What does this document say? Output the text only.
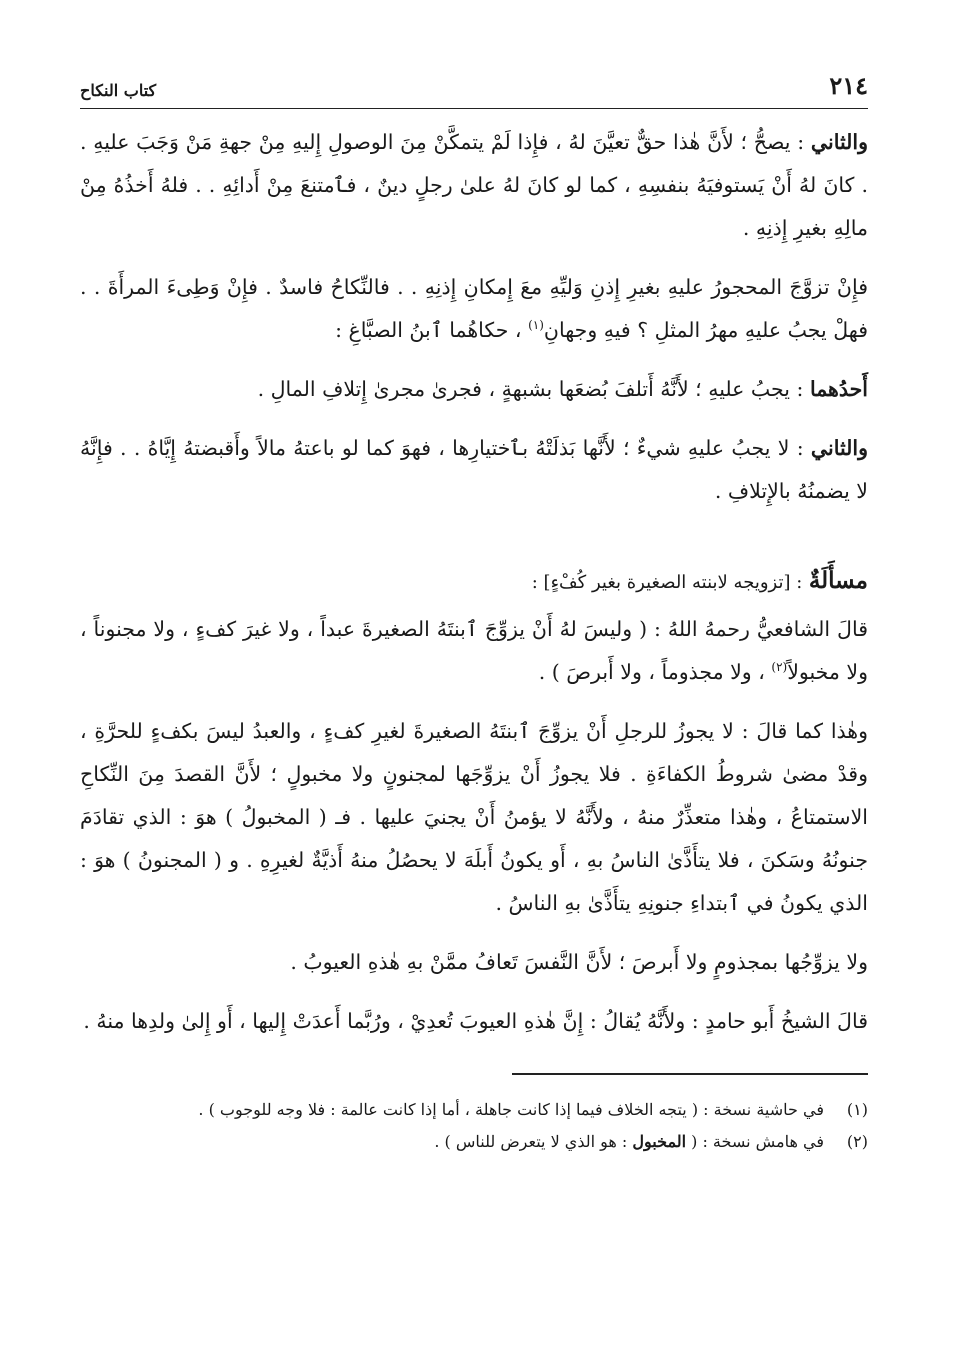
٢١٤
كتاب النكاح

والثاني : يصحُّ ؛ لأَنَّ هٰذا حقٌّ تعيَّنَ لهُ ، فإِذا لَمْ يتمكَّنْ مِنَ الوصولِ إِليهِ مِنْ جهةِ مَنْ وَجَبَ عليهِ . . كانَ لهُ أَنْ يَستوفيَهُ بنفسِهِ ، كما لو كانَ لهُ علىٰ رجلٍ دينٌ ، فٱمتنعَ مِنْ أَدائِهِ . . فلهُ أَخذُهُ مِنْ مالِهِ بغيرِ إِذنِهِ .

فإِنْ تزوَّجَ المحجورُ عليهِ بغيرِ إِذنِ وَليِّهِ معَ إِمكانِ إِذنِهِ . . فالنِّكاحُ فاسدٌ . فإِنْ وَطِىءَ المرأَةَ . . فهلْ يجبُ عليهِ مهرُ المثلِ ؟ فيهِ وجهانِ$^{(١)}$ ، حكاهُما ٱبنُ الصبَّاغِ :

أَحدُهما : يجبُ عليهِ ؛ لأَنَّهُ أَتلفَ بُضعَها بشبهةٍ ، فجرىٰ مجرىٰ إِتلافِ المالِ .

والثاني : لا يجبُ عليهِ شيءٌ ؛ لأَنَّها بَذلَتْهُ بٱختيارِها ، فهوَ كما لو باعتهُ مالاً وأَقبضتهُ إِيَّاهُ . . فإِنَّهُ لا يضمنُهُ بالإِتلافِ .

مسأَلَةٌ : [تزويجه لابنته الصغيرة بغير كُفْءٍ] :

قالَ الشافعيُّ رحمهُ اللهُ : ( وليسَ لهُ أَنْ يزوِّجَ ٱبنتَهُ الصغيرةَ عبداً ، ولا غيرَ كفءٍ ، ولا مجنوناً ، ولا مخبولاً$^{(٢)}$ ، ولا مجذوماً ، ولا أَبرصَ ) .

وهٰذا كما قالَ : لا يجوزُ للرجلِ أَنْ يزوِّجَ ٱبنتَهُ الصغيرةَ لغيرِ كفءٍ ، والعبدُ ليسَ بكفءٍ للحرَّةِ ، وقدْ مضىٰ شروطُ الكفاءَةِ . فلا يجوزُ أَنْ يزوِّجَها لمجنونٍ ولا مخبولٍ ؛ لأَنَّ القصدَ مِنَ النِّكاحِ الاستمتاعُ ، وهٰذا متعذِّرٌ منهُ ، ولأَنَّهُ لا يؤمنُ أَنْ يجنيَ عليها . فـ ( المخبولُ ) هوَ : الذي تقادَمَ جنونُهُ وسَكنَ ، فلا يتأَذَّىٰ الناسُ بهِ ، أَو يكونُ أَبلَهَ لا يحصُلُ منهُ أَذيَّةٌ لغيرِهِ . و ( المجنونُ ) هوَ : الذي يكونُ في ٱبتداءِ جنونِهِ يتأَذَّىٰ بهِ الناسُ .

ولا يزوِّجُها بمجذومٍ ولا أَبرصَ ؛ لأَنَّ النَّفسَ تَعافُ ممَّنْ بهِ هٰذهِ العيوبُ .

قالَ الشيخُ أَبو حامدٍ : ولأَنَّهُ يُقالُ : إِنَّ هٰذهِ العيوبَ تُعدِيْ ، ورُبَّما أَعدَتْ إِليها ، أَو إِلىٰ ولدِها منهُ .

(١)
في حاشية نسخة : ( يتجه الخلاف فيما إذا كانت جاهلة ، أما إذا كانت عالمة : فلا وجه للوجوب ) .
(٢)
في هامش نسخة : ( المخبول : هو الذي لا يتعرض للناس ) .
